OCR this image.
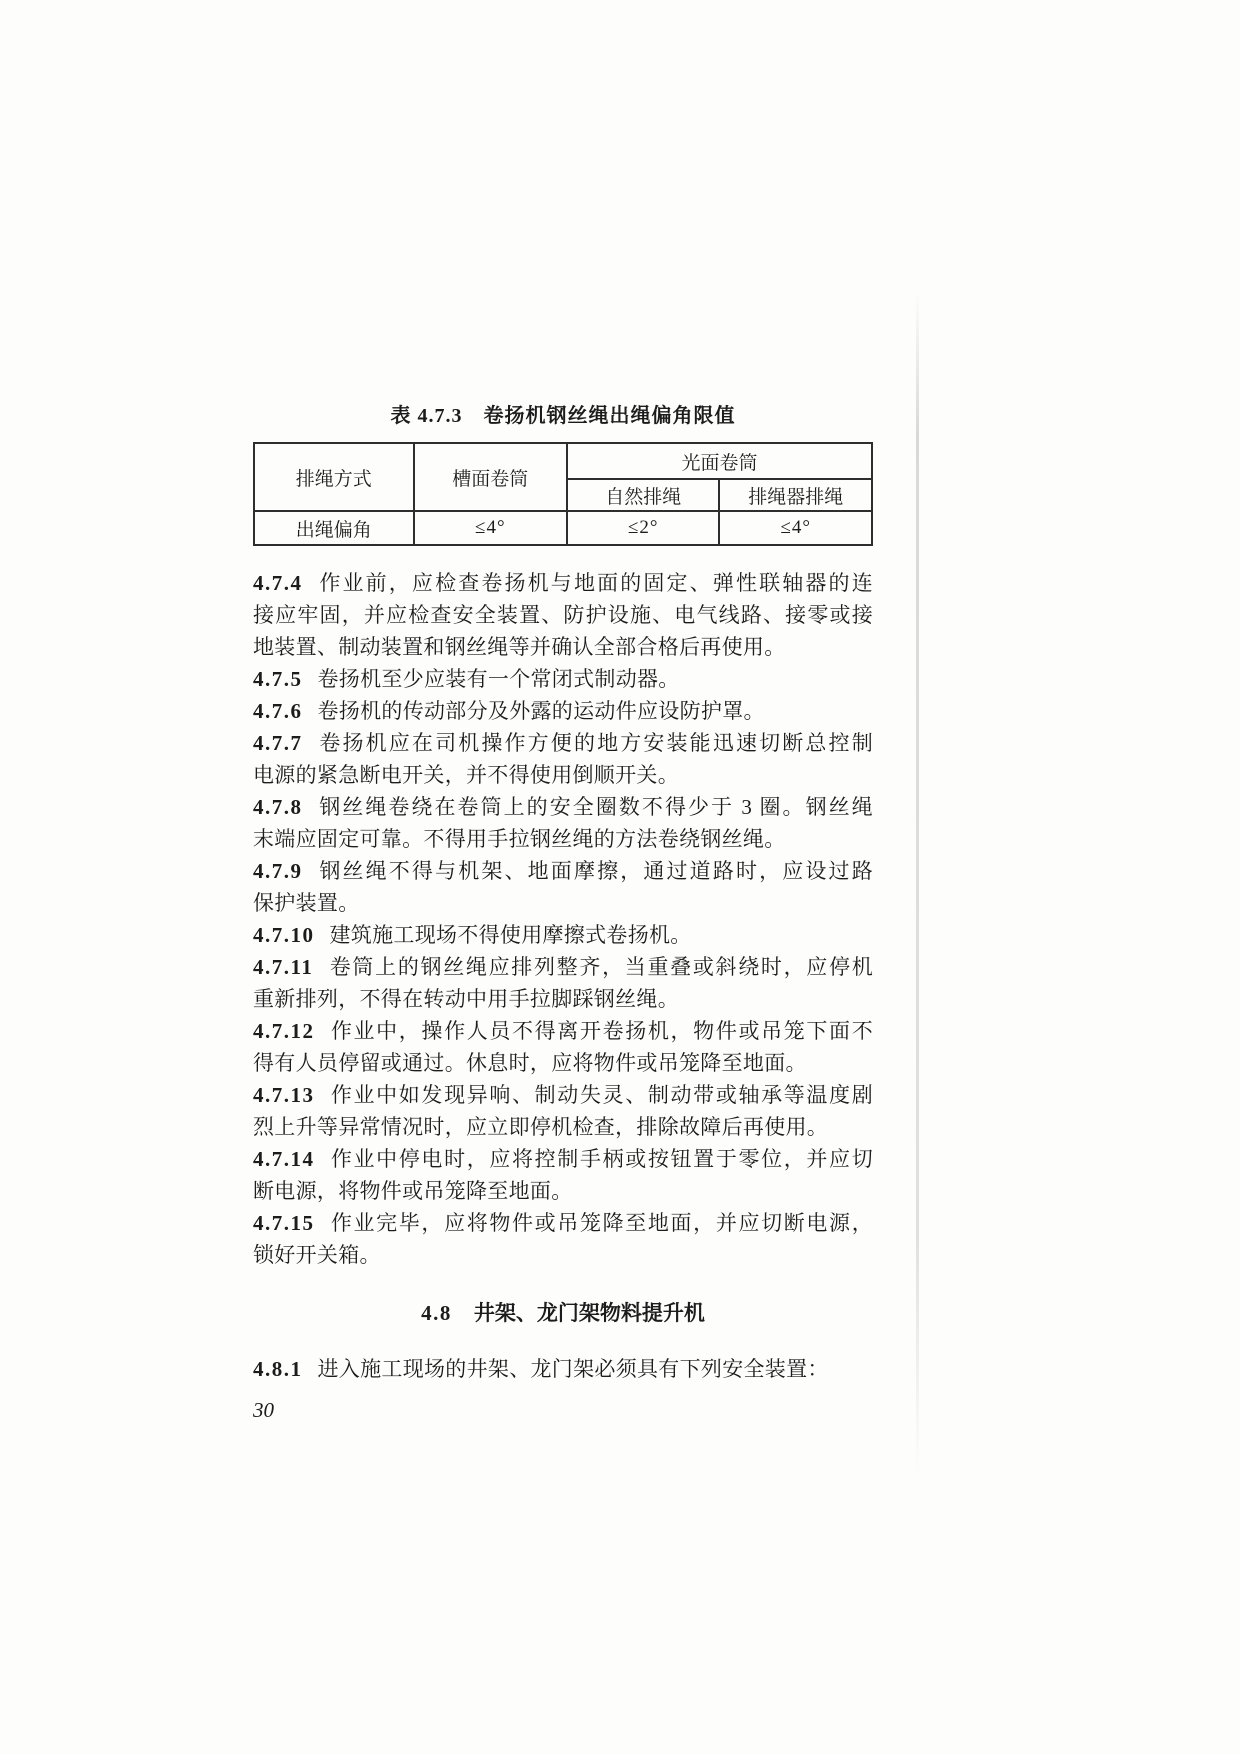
表 4.7.3　卷扬机钢丝绳出绳偏角限值
排绳方式	槽面卷筒	光面卷筒	
		自然排绳	排绳器排绳
出绳偏角	≤4°	≤2°	≤4°
4.7.4 作业前，应检查卷扬机与地面的固定、弹性联轴器的连
接应牢固，并应检查安全装置、防护设施、电气线路、接零或接
地装置、制动装置和钢丝绳等并确认全部合格后再使用。
4.7.5 卷扬机至少应装有一个常闭式制动器。
4.7.6 卷扬机的传动部分及外露的运动件应设防护罩。
4.7.7 卷扬机应在司机操作方便的地方安装能迅速切断总控制
电源的紧急断电开关，并不得使用倒顺开关。
4.7.8 钢丝绳卷绕在卷筒上的安全圈数不得少于 3 圈。钢丝绳
末端应固定可靠。不得用手拉钢丝绳的方法卷绕钢丝绳。
4.7.9 钢丝绳不得与机架、地面摩擦，通过道路时，应设过路
保护装置。
4.7.10 建筑施工现场不得使用摩擦式卷扬机。
4.7.11 卷筒上的钢丝绳应排列整齐，当重叠或斜绕时，应停机
重新排列，不得在转动中用手拉脚踩钢丝绳。
4.7.12 作业中，操作人员不得离开卷扬机，物件或吊笼下面不
得有人员停留或通过。休息时，应将物件或吊笼降至地面。
4.7.13 作业中如发现异响、制动失灵、制动带或轴承等温度剧
烈上升等异常情况时，应立即停机检查，排除故障后再使用。
4.7.14 作业中停电时，应将控制手柄或按钮置于零位，并应切
断电源，将物件或吊笼降至地面。
4.7.15 作业完毕，应将物件或吊笼降至地面，并应切断电源，
锁好开关箱。
4.8 井架、龙门架物料提升机
4.8.1 进入施工现场的井架、龙门架必须具有下列安全装置：
30
